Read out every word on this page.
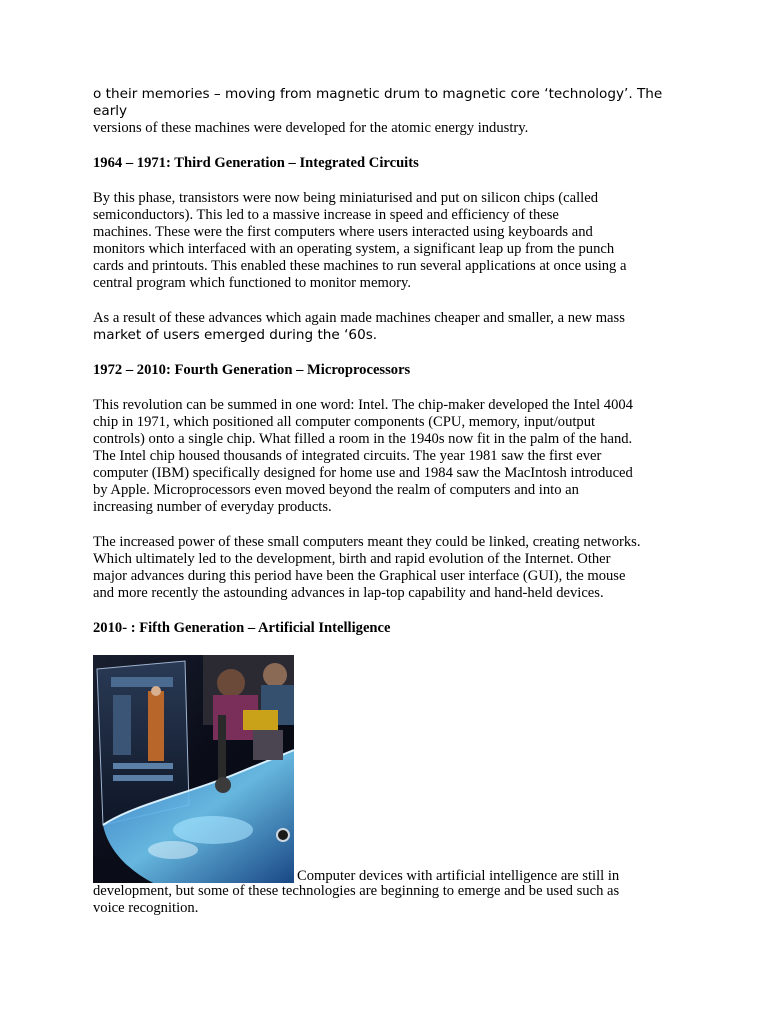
o their memories – moving from magnetic drum to magnetic core ‘technology’. The early
versions of these machines were developed for the atomic energy industry.

1964 – 1971: Third Generation – Integrated Circuits

By this phase, transistors were now being miniaturised and put on silicon chips (called
semiconductors). This led to a massive increase in speed and efficiency of these
machines. These were the first computers where users interacted using keyboards and
monitors which interfaced with an operating system, a significant leap up from the punch
cards and printouts. This enabled these machines to run several applications at once using a
central program which functioned to monitor memory.

As a result of these advances which again made machines cheaper and smaller, a new mass
market of users emerged during the ‘60s.

1972 – 2010: Fourth Generation – Microprocessors

This revolution can be summed in one word: Intel. The chip-maker developed the Intel 4004
chip in 1971, which positioned all computer components (CPU, memory, input/output
controls) onto a single chip. What filled a room in the 1940s now fit in the palm of the hand.
The Intel chip housed thousands of integrated circuits. The year 1981 saw the first ever
computer (IBM) specifically designed for home use and 1984 saw the MacIntosh introduced
by Apple. Microprocessors even moved beyond the realm of computers and into an
increasing number of everyday products.

The increased power of these small computers meant they could be linked, creating networks.
Which ultimately led to the development, birth and rapid evolution of the Internet. Other
major advances during this period have been the Graphical user interface (GUI), the mouse
and more recently the astounding advances in lap-top capability and hand-held devices.

2010- : Fifth Generation – Artificial Intelligence

Computer devices with artificial intelligence are still in

development, but some of these technologies are beginning to emerge and be used such as
voice recognition.
